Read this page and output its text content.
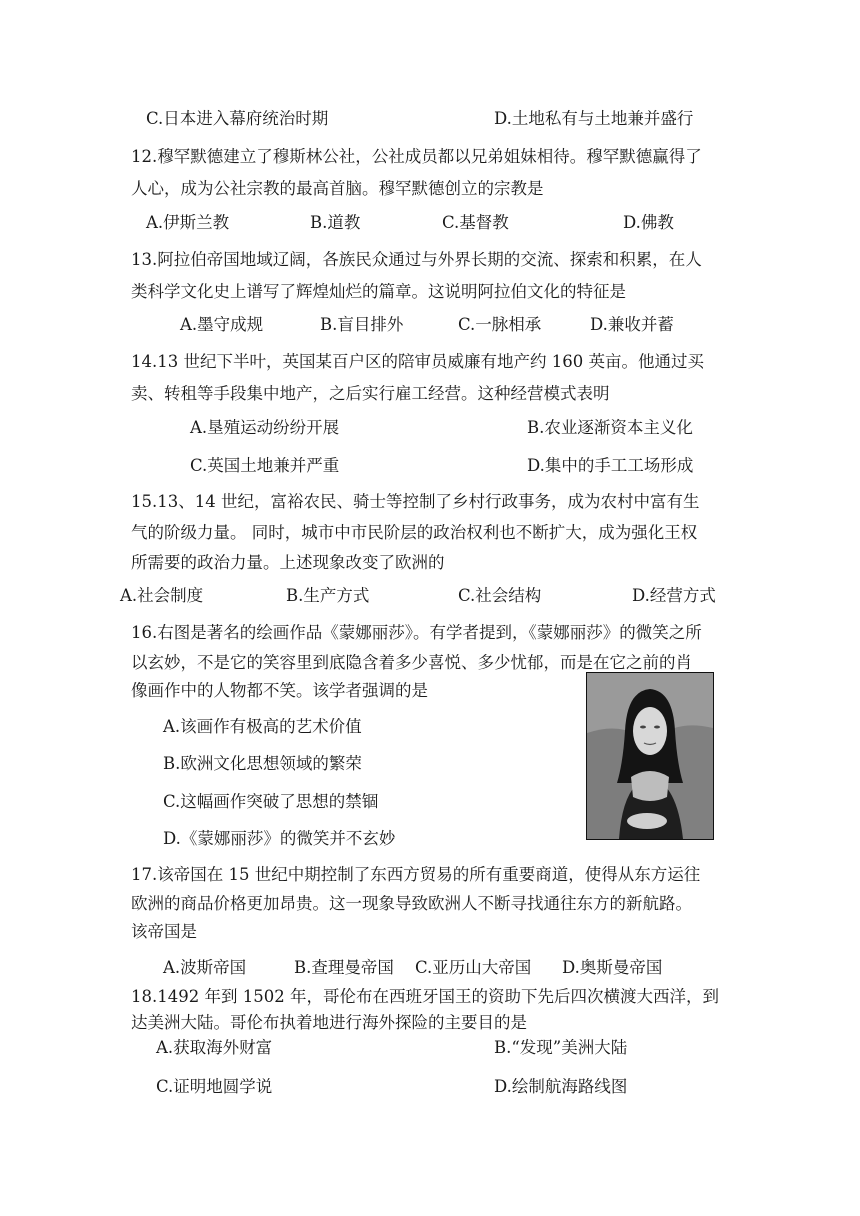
C.日本进入幕府统治时期	D.土地私有与土地兼并盛行
12.穆罕默德建立了穆斯林公社，公社成员都以兄弟姐妹相待。穆罕默德赢得了
人心，成为公社宗教的最高首脑。穆罕默德创立的宗教是
A.伊斯兰教	B.道教	C.基督教	D.佛教
13.阿拉伯帝国地域辽阔，各族民众通过与外界长期的交流、探索和积累，在人
类科学文化史上谱写了辉煌灿烂的篇章。这说明阿拉伯文化的特征是
A.墨守成规	B.盲目排外	C.一脉相承	D.兼收并蓄
14.13 世纪下半叶，英国某百户区的陪审员威廉有地产约 160 英亩。他通过买
卖、转租等手段集中地产，之后实行雇工经营。这种经营模式表明
A.垦殖运动纷纷开展	B.农业逐渐资本主义化
C.英国土地兼并严重	D.集中的手工工场形成
15.13、14 世纪，富裕农民、骑士等控制了乡村行政事务，成为农村中富有生
气的阶级力量。 同时，城市中市民阶层的政治权利也不断扩大，成为强化王权
所需要的政治力量。上述现象改变了欧洲的
A.社会制度	B.生产方式	C.社会结构	D.经营方式
16.右图是著名的绘画作品《蒙娜丽莎》。有学者提到，《蒙娜丽莎》的微笑之所
以玄妙，不是它的笑容里到底隐含着多少喜悦、多少忧郁，而是在它之前的肖
像画作中的人物都不笑。该学者强调的是
A.该画作有极高的艺术价值
B.欧洲文化思想领域的繁荣
C.这幅画作突破了思想的禁锢
D.《蒙娜丽莎》的微笑并不玄妙
17.该帝国在 15 世纪中期控制了东西方贸易的所有重要商道，使得从东方运往
欧洲的商品价格更加昂贵。这一现象导致欧洲人不断寻找通往东方的新航路。
该帝国是
A.波斯帝国	B.查理曼帝国 C.亚历山大帝国 D.奥斯曼帝国
18.1492 年到 1502 年，哥伦布在西班牙国王的资助下先后四次横渡大西洋，到
达美洲大陆。哥伦布执着地进行海外探险的主要目的是
A.获取海外财富	B.“发现”美洲大陆
C.证明地圆学说	D.绘制航海路线图
